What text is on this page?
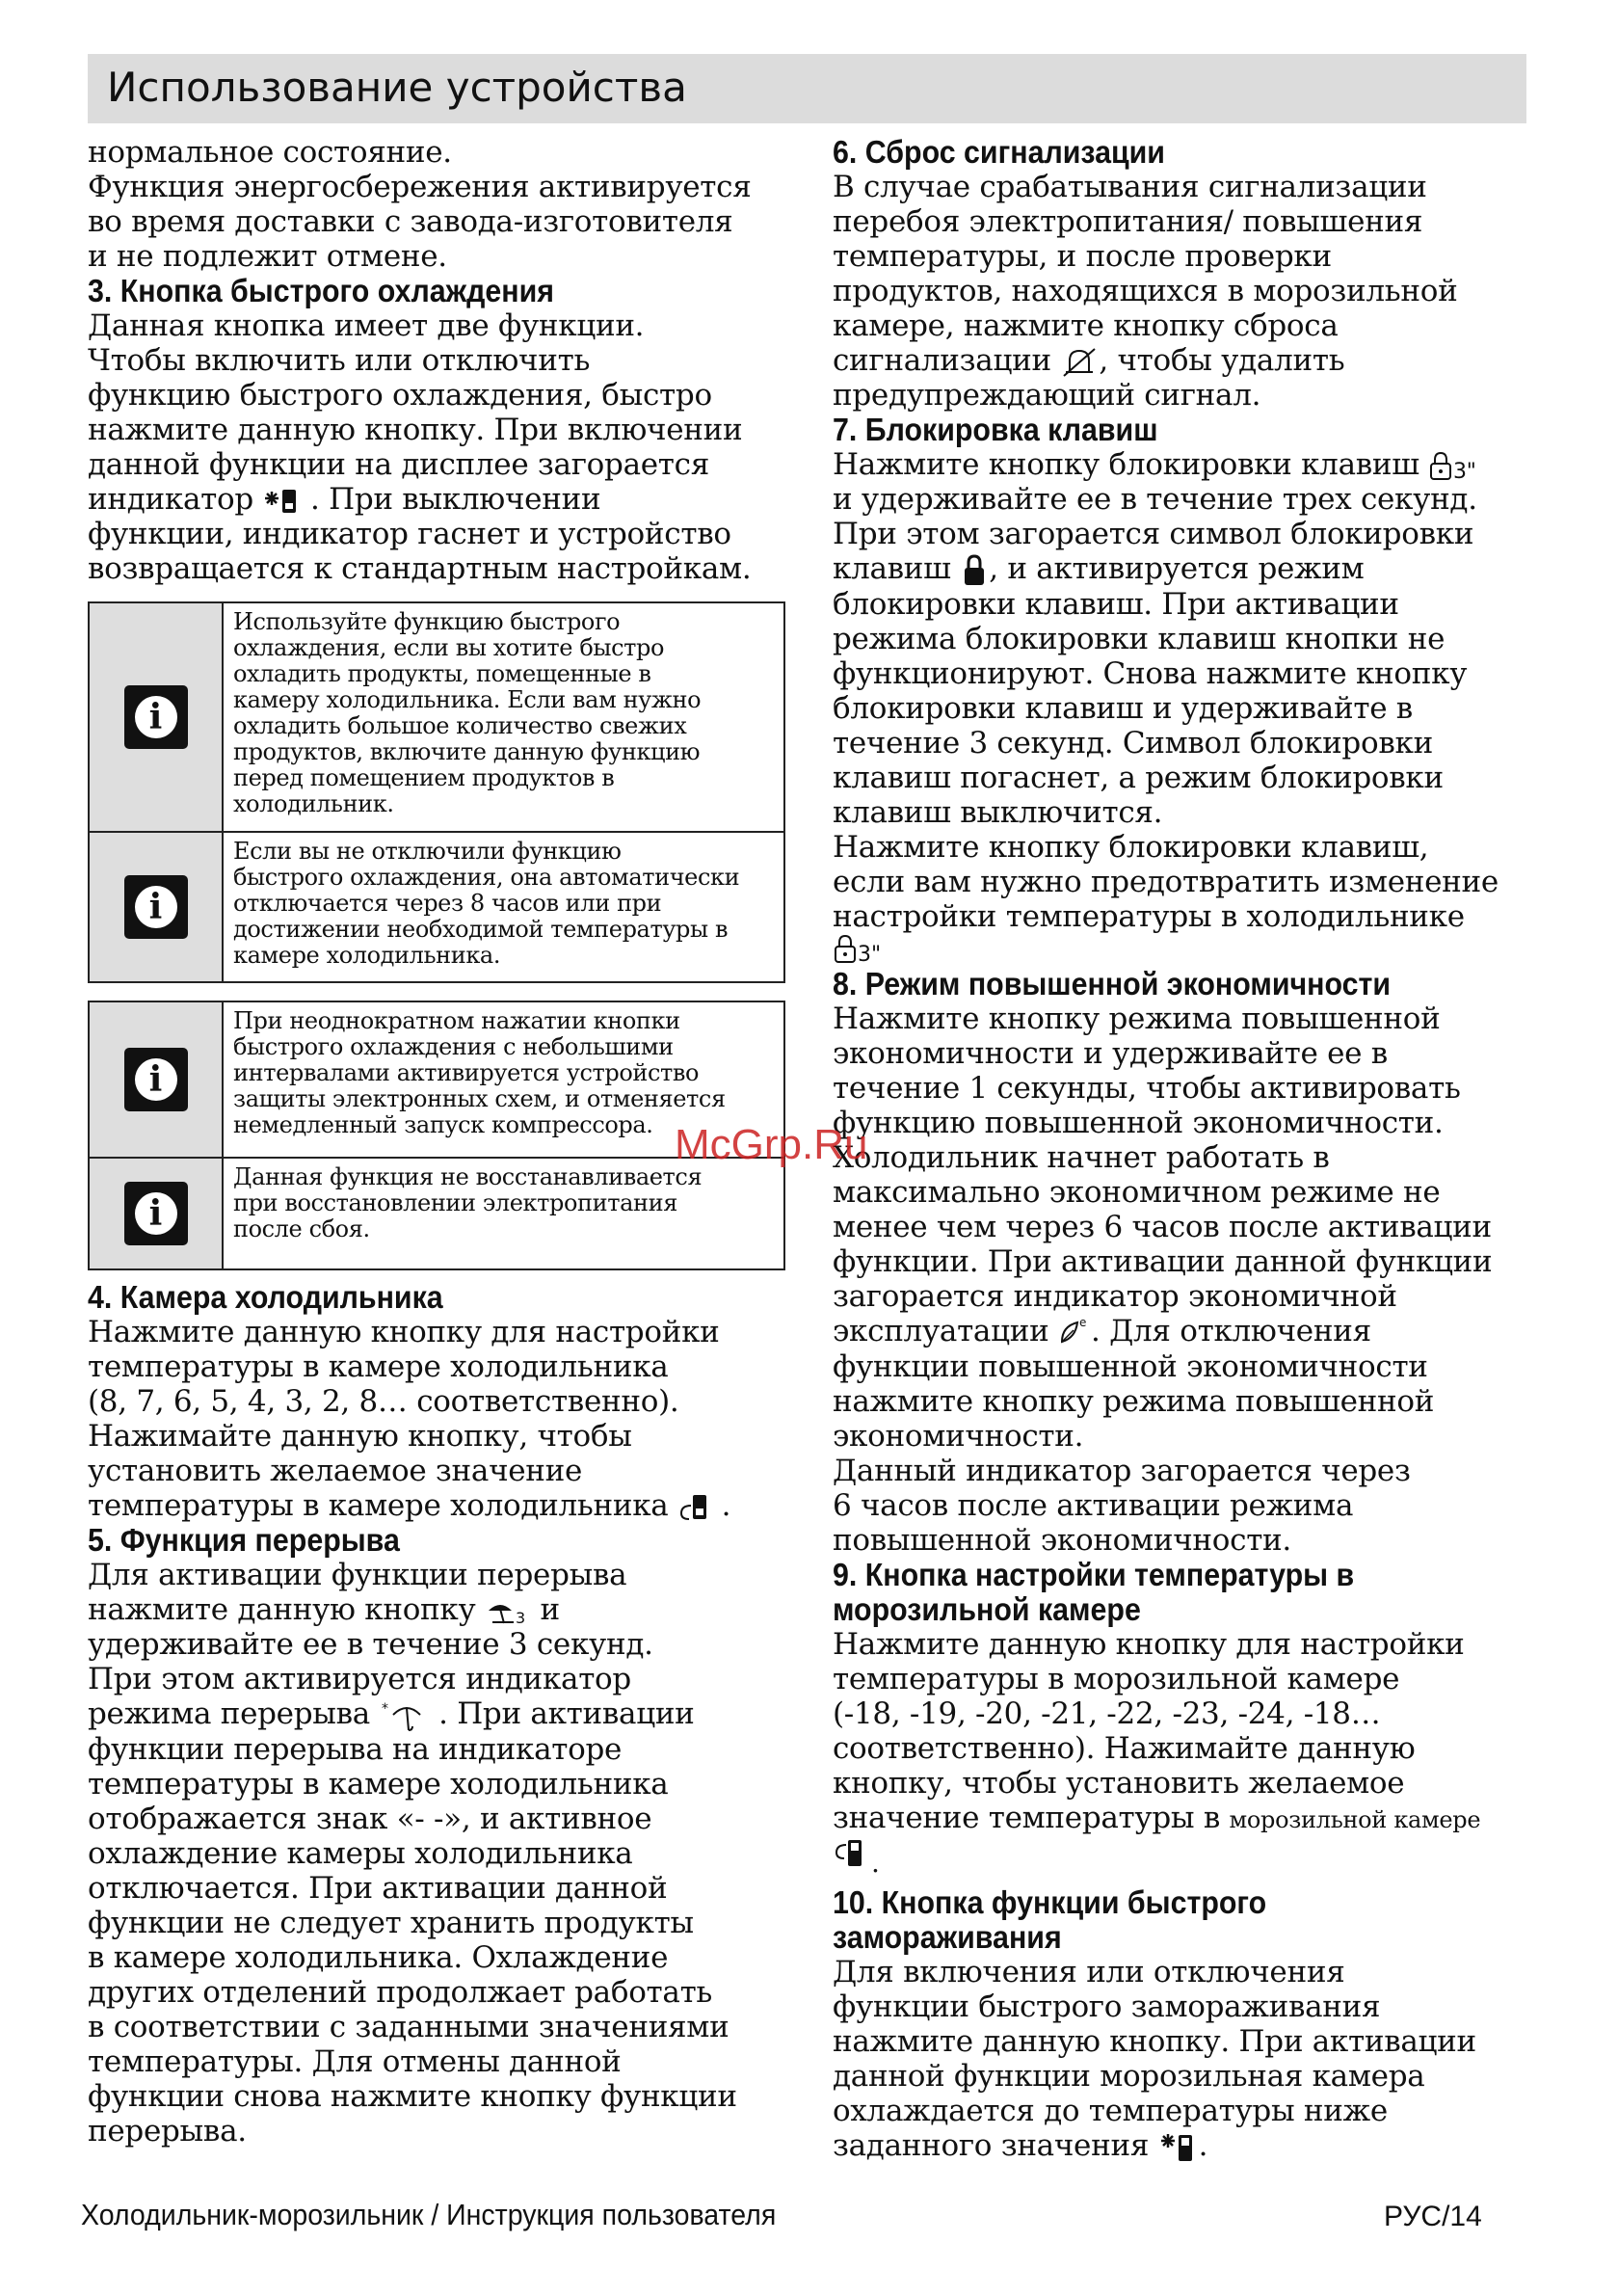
Использование устройства

нормальное состояние.
Функция энергосбережения активируется
во время доставки с завода-изготовителя
и не подлежит отмене.

3. Кнопка быстрого охлаждения

Данная кнопка имеет две функции.
Чтобы включить или отключить
функцию быстрого охлаждения, быстро
нажмите данную кнопку. При включении
данной функции на дисплее загорается
индикатор  . При выключении
функции, индикатор гаснет и устройство
возвращается к стандартным настройкам.

i
Используйте функцию быстрого
охлаждения, если вы хотите быстро
охладить продукты, помещенные в
камеру холодильника. Если вам нужно
охладить большое количество свежих
продуктов, включите данную функцию
перед помещением продуктов в
холодильник.
i
Если вы не отключили функцию
быстрого охлаждения, она автоматически
отключается через 8 часов или при
достижении необходимой температуры в
камере холодильника.
i
При неоднократном нажатии кнопки
быстрого охлаждения с небольшими
интервалами активируется устройство
защиты электронных схем, и отменяется
немедленный запуск компрессора.
i
Данная функция не восстанавливается
при восстановлении электропитания
после сбоя.

4. Камера холодильника

Нажмите данную кнопку для настройки
температуры в камере холодильника
(8, 7, 6, 5, 4, 3, 2, 8… соответственно).
Нажимайте данную кнопку, чтобы
установить желаемое значение
температуры в камере холодильника  .

5. Функция перерыва

Для активации функции перерыва
нажмите данную кнопку	3 и
удерживайте ее в течение 3 секунд.
При этом активируется индикатор
режима перерыва * . При активации
функции перерыва на индикаторе
температуры в камере холодильника
отображается знак «- -», и активное
охлаждение камеры холодильника
отключается. При активации данной
функции не следует хранить продукты
в камере холодильника. Охлаждение
других отделений продолжает работать
в соответствии с заданными значениями
температуры. Для отмены данной
функции снова нажмите кнопку функции
перерыва.

6. Сброс сигнализации

В случае срабатывания сигнализации
перебоя электропитания/ повышения
температуры, и после проверки
продуктов, находящихся в морозильной
камере, нажмите кнопку сброса
сигнализации , чтобы удалить
предупреждающий сигнал.

7. Блокировка клавиш

Нажмите кнопку блокировки клавиш 3"

и удерживайте ее в течение трех секунд.
При этом загорается символ блокировки
клавиш , и активируется режим
блокировки клавиш. При активации
режима блокировки клавиш кнопки не
функционируют. Снова нажмите кнопку
блокировки клавиш и удерживайте в
течение 3 секунд. Символ блокировки
клавиш погаснет, а режим блокировки
клавиш выключится.
Нажмите кнопку блокировки клавиш,
если вам нужно предотвратить изменение
настройки температуры в холодильнике

3"

8. Режим повышенной экономичности

Нажмите кнопку режима повышенной
экономичности и удерживайте ее в
течение 1 секунды, чтобы активировать
функцию повышенной экономичности.
Холодильник начнет работать в
максимально экономичном режиме не
менее чем через 6 часов после активации
функции. При активации данной функции
загорается индикатор экономичной
эксплуатации	e . Для отключения
функции повышенной экономичности
нажмите кнопку режима повышенной
экономичности.
Данный индикатор загорается через
6 часов после активации режима
повышенной экономичности.

9. Кнопка настройки температуры в
морозильной камере

Нажмите данную кнопку для настройки
температуры в морозильной камере
(-18, -19, -20, -21, -22, -23, -24, -18…
соответственно). Нажимайте данную
кнопку, чтобы установить желаемое
значение температуры в морозильной камере

.

10. Кнопка функции быстрого
замораживания

Для включения или отключения
функции быстрого замораживания
нажмите данную кнопку. При активации
данной функции морозильная камера
охлаждается до температуры ниже
заданного значения .

McGrp.Ru
Холодильник-морозильник / Инструкция пользователя	РУС/14
